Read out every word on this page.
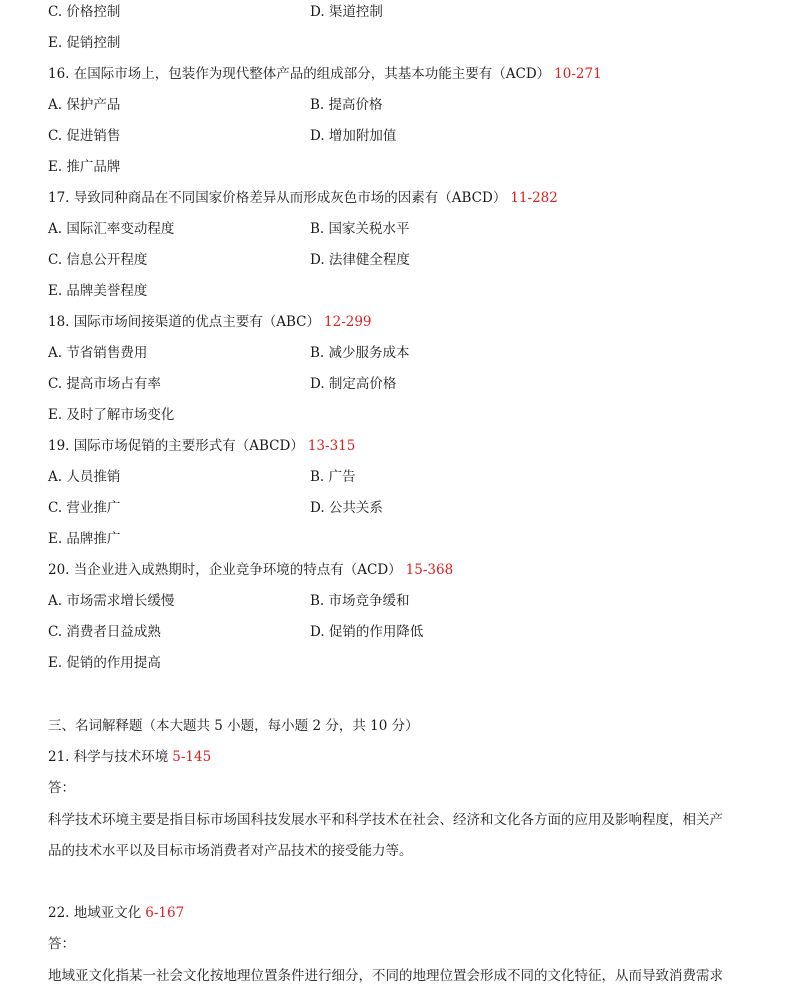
C. 价格控制	D. 渠道控制
E. 促销控制
16. 在国际市场上，包装作为现代整体产品的组成部分，其基本功能主要有（ACD） 10-271
A. 保护产品	B. 提高价格
C. 促进销售	D. 增加附加值
E. 推广品牌
17. 导致同种商品在不同国家价格差异从而形成灰色市场的因素有（ABCD） 11-282
A. 国际汇率变动程度	B. 国家关税水平
C. 信息公开程度	D. 法律健全程度
E. 品牌美誉程度
18. 国际市场间接渠道的优点主要有（ABC） 12-299
A. 节省销售费用	B. 减少服务成本
C. 提高市场占有率	D. 制定高价格
E. 及时了解市场变化
19. 国际市场促销的主要形式有（ABCD） 13-315
A. 人员推销	B. 广告
C. 营业推广	D. 公共关系
E. 品牌推广
20. 当企业进入成熟期时，企业竞争环境的特点有（ACD） 15-368
A. 市场需求增长缓慢	B. 市场竞争缓和
C. 消费者日益成熟	D. 促销的作用降低
E. 促销的作用提高
三、名词解释题（本大题共 5 小题，每小题 2 分，共 10 分）
21. 科学与技术环境 5-145
答：
科学技术环境主要是指目标市场国科技发展水平和科学技术在社会、经济和文化各方面的应用及影响程度，相关产
品的技术水平以及目标市场消费者对产品技术的接受能力等。
22. 地域亚文化 6-167
答：
地域亚文化指某一社会文化按地理位置条件进行细分，不同的地理位置会形成不同的文化特征，从而导致消费需求
